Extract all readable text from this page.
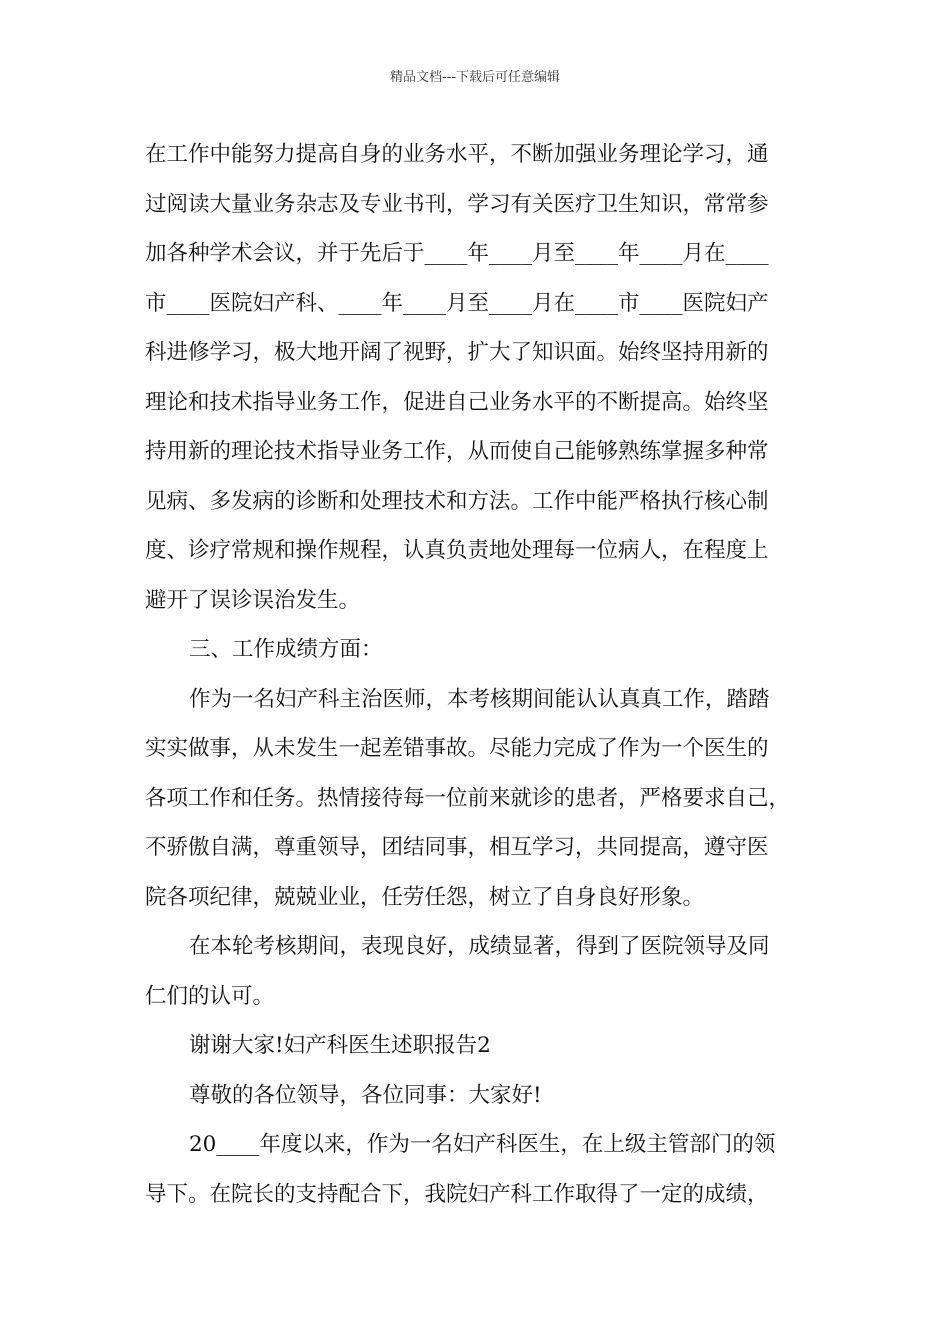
精品文档---下载后可任意编辑
在工作中能努力提高自身的业务水平，不断加强业务理论学习，通
过阅读大量业务杂志及专业书刊，学习有关医疗卫生知识，常常参
加各种学术会议，并于先后于____年____月至____年____月在____
市____医院妇产科、____年____月至____月在____市____医院妇产
科进修学习，极大地开阔了视野，扩大了知识面。始终坚持用新的
理论和技术指导业务工作，促进自己业务水平的不断提高。始终坚
持用新的理论技术指导业务工作，从而使自己能够熟练掌握多种常
见病、多发病的诊断和处理技术和方法。工作中能严格执行核心制
度、诊疗常规和操作规程，认真负责地处理每一位病人，在程度上
避开了误诊误治发生。
三、工作成绩方面：
作为一名妇产科主治医师，本考核期间能认认真真工作，踏踏
实实做事，从未发生一起差错事故。尽能力完成了作为一个医生的
各项工作和任务。热情接待每一位前来就诊的患者，严格要求自己，
不骄傲自满，尊重领导，团结同事，相互学习，共同提高，遵守医
院各项纪律，兢兢业业，任劳任怨，树立了自身良好形象。
在本轮考核期间，表现良好，成绩显著，得到了医院领导及同
仁们的认可。
谢谢大家!妇产科医生述职报告2
尊敬的各位领导，各位同事：大家好!
20____年度以来，作为一名妇产科医生，在上级主管部门的领
导下。在院长的支持配合下，我院妇产科工作取得了一定的成绩，
